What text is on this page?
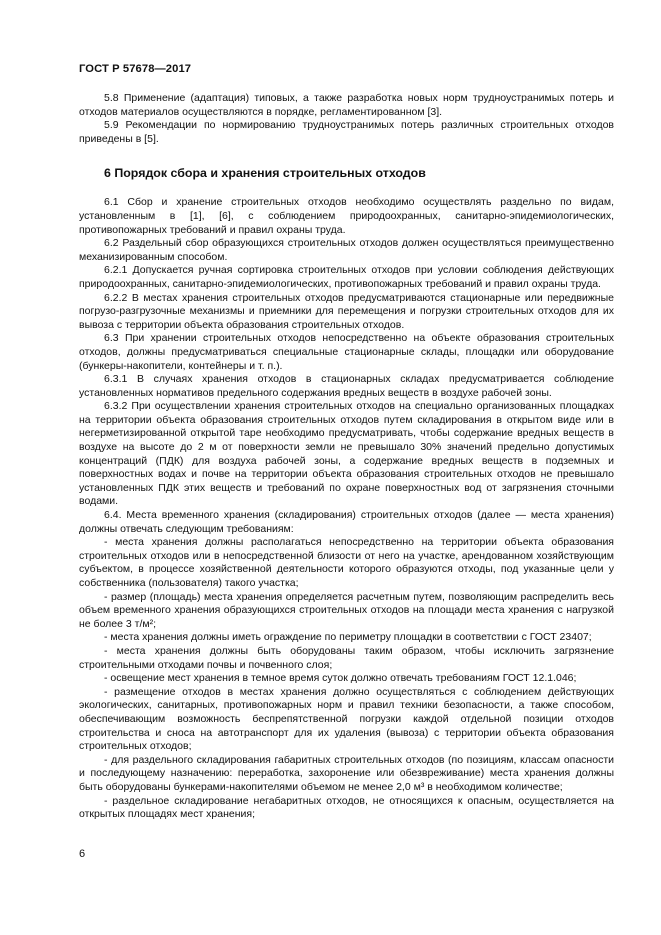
ГОСТ Р 57678—2017

5.8 Применение (адаптация) типовых, а также разработка новых норм трудноустранимых потерь и отходов материалов осуществляются в порядке, регламентированном [3].

5.9 Рекомендации по нормированию трудноустранимых потерь различных строительных отходов приведены в [5].

6 Порядок сбора и хранения строительных отходов

6.1 Сбор и хранение строительных отходов необходимо осуществлять раздельно по видам, установленным в [1], [6], с соблюдением природоохранных, санитарно-эпидемиологических, противопожарных требований и правил охраны труда.

6.2 Раздельный сбор образующихся строительных отходов должен осуществляться преимущественно механизированным способом.

6.2.1 Допускается ручная сортировка строительных отходов при условии соблюдения действующих природоохранных, санитарно-эпидемиологических, противопожарных требований и правил охраны труда.

6.2.2 В местах хранения строительных отходов предусматриваются стационарные или передвижные погрузо-разгрузочные механизмы и приемники для перемещения и погрузки строительных отходов для их вывоза с территории объекта образования строительных отходов.

6.3 При хранении строительных отходов непосредственно на объекте образования строительных отходов, должны предусматриваться специальные стационарные склады, площадки или оборудование (бункеры-накопители, контейнеры и т. п.).

6.3.1 В случаях хранения отходов в стационарных складах предусматривается соблюдение установленных нормативов предельного содержания вредных веществ в воздухе рабочей зоны.

6.3.2 При осуществлении хранения строительных отходов на специально организованных площадках на территории объекта образования строительных отходов путем складирования в открытом виде или в негерметизированной открытой таре необходимо предусматривать, чтобы содержание вредных веществ в воздухе на высоте до 2 м от поверхности земли не превышало 30% значений предельно допустимых концентраций (ПДК) для воздуха рабочей зоны, а содержание вредных веществ в подземных и поверхностных водах и почве на территории объекта образования строительных отходов не превышало установленных ПДК этих веществ и требований по охране поверхностных вод от загрязнения сточными водами.

6.4. Места временного хранения (складирования) строительных отходов (далее — места хранения) должны отвечать следующим требованиям:

- места хранения должны располагаться непосредственно на территории объекта образования строительных отходов или в непосредственной близости от него на участке, арендованном хозяйствующим субъектом, в процессе хозяйственной деятельности которого образуются отходы, под указанные цели у собственника (пользователя) такого участка;

- размер (площадь) места хранения определяется расчетным путем, позволяющим распределить весь объем временного хранения образующихся строительных отходов на площади места хранения с нагрузкой не более 3 т/м²;

- места хранения должны иметь ограждение по периметру площадки в соответствии с ГОСТ 23407;

- места хранения должны быть оборудованы таким образом, чтобы исключить загрязнение строительными отходами почвы и почвенного слоя;

- освещение мест хранения в темное время суток должно отвечать требованиям ГОСТ 12.1.046;

- размещение отходов в местах хранения должно осуществляться с соблюдением действующих экологических, санитарных, противопожарных норм и правил техники безопасности, а также способом, обеспечивающим возможность беспрепятственной погрузки каждой отдельной позиции отходов строительства и сноса на автотранспорт для их удаления (вывоза) с территории объекта образования строительных отходов;

- для раздельного складирования габаритных строительных отходов (по позициям, классам опасности и последующему назначению: переработка, захоронение или обезвреживание) места хранения должны быть оборудованы бункерами-накопителями объемом не менее 2,0 м³ в необходимом количестве;

- раздельное складирование негабаритных отходов, не относящихся к опасным, осуществляется на открытых площадях мест хранения;

6
